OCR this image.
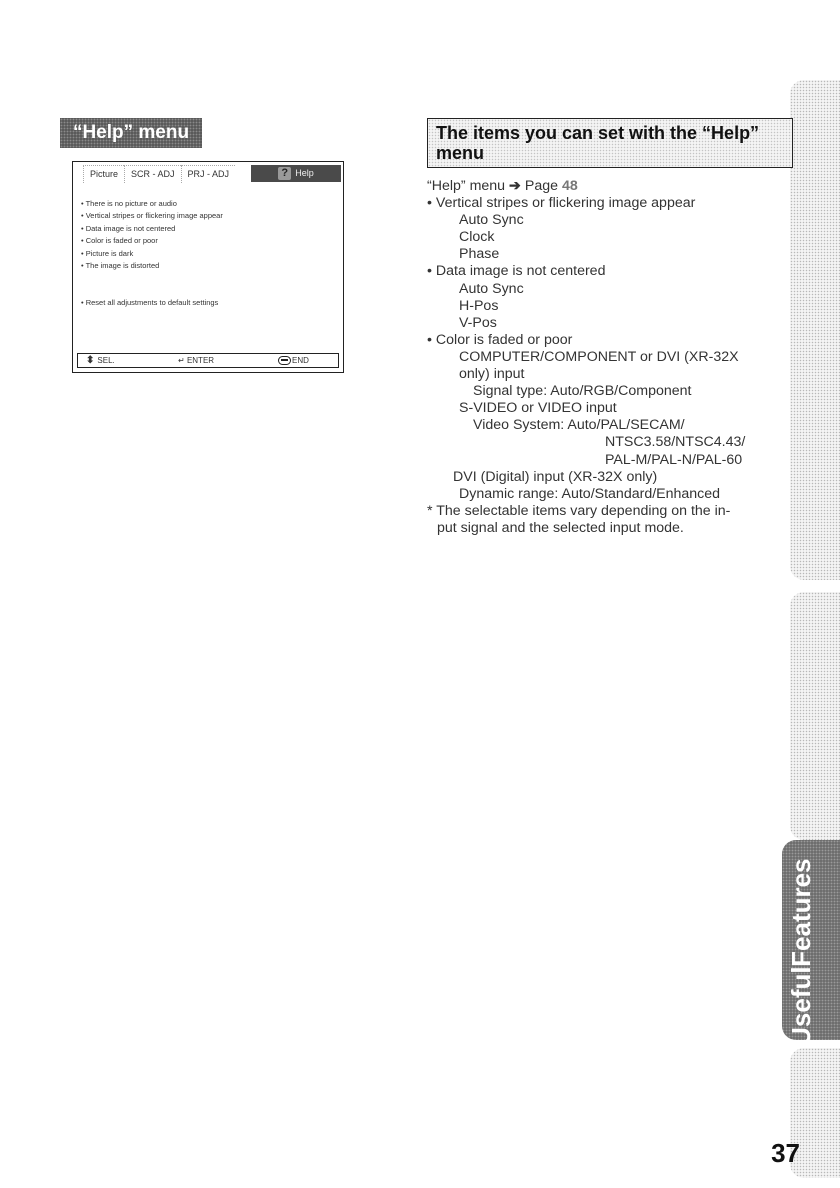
Useful
Features
“Help” menu
Picture	SCR - ADJ	PRJ - ADJ	? Help
• There is no picture or audio
• Vertical stripes or flickering image appear
• Data image is not centered
• Color is faded or poor
• Picture is dark
• The image is distorted
• Reset all adjustments to default settings
⬍ SEL.	↵ ENTER	END
The items you can set with the “Help”
menu
“Help” menu ➔ Page 48
• Vertical stripes or flickering image appear
Auto Sync
Clock
Phase
• Data image is not centered
Auto Sync
H-Pos
V-Pos
• Color is faded or poor
COMPUTER/COMPONENT or DVI (XR-32X
only) input
Signal type: Auto/RGB/Component
S-VIDEO or VIDEO input
Video System: Auto/PAL/SECAM/
NTSC3.58/NTSC4.43/
PAL-M/PAL-N/PAL-60
DVI (Digital) input (XR-32X only)
Dynamic range: Auto/Standard/Enhanced
* The selectable items vary depending on the in-
put signal and the selected input mode.
37
